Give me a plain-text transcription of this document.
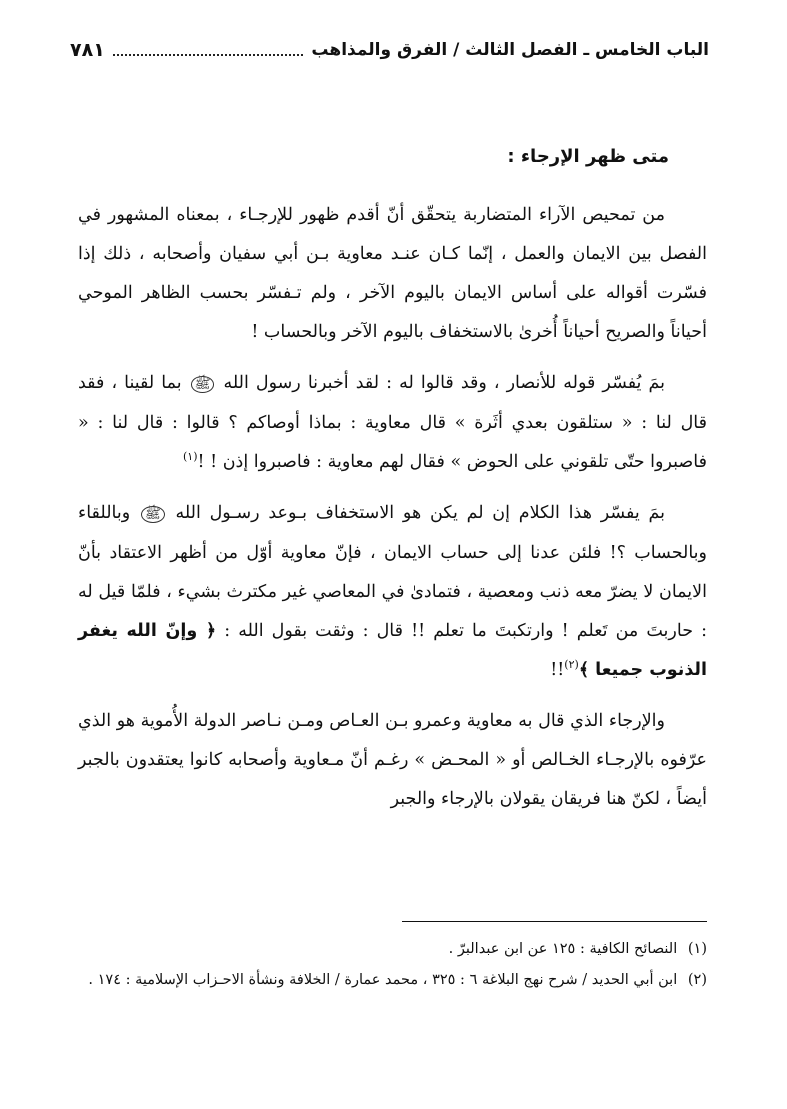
الباب الخامس ـ الفصل الثالث / الفرق والمذاهب
٧٨١
متى ظهر الإرجاء :

من تمحيص الآراء المتضاربة يتحقّق أنّ أقدم ظهور للإرجـاء ، بمعناه المشهور في الفصل بين الايمان والعمل ، إنّما كـان عنـد معاوية بـن أبي سفيان وأصحابه ، ذلك إذا فسّرت أقواله على أساس الايمان باليوم الآخر ، ولم تـفسّر بحسب الظاهر الموحي أحياناً والصريح أحياناً أُخرىٰ بالاستخفاف باليوم الآخر وبالحساب !

بمَ يُفسّر قوله للأنصار ، وقد قالوا له : لقد أخبرنا رسول الله ﷺ بما لقينا ، فقد قال لنا : « ستلقون بعدي أثَرة » قال معاوية : بماذا أوصاكم ؟ قالوا : قال لنا : « فاصبروا حتّى تلقوني على الحوض » فقال لهم معاوية : فاصبروا إذن ! !$^{(١)}$

بمَ يفسّر هذا الكلام إن لم يكن هو الاستخفاف بـوعد رسـول الله ﷺ وباللقاء وبالحساب ؟! فلئن عدنا إلى حساب الايمان ، فإنّ معاوية أوّل من أظهر الاعتقاد بأنّ الايمان لا يضرّ معه ذنب ومعصية ، فتمادىٰ في المعاصي غير مكترث بشيء ، فلمّا قيل له : حاربتَ من تَعلم ! وارتكبتَ ما تعلم !! قال : وثقت بقول الله : ﴿ وإنّ الله يغفر الذنوب جميعا ﴾$^{(٢)}$!!

والإرجاء الذي قال به معاوية وعمرو بـن العـاص ومـن نـاصر الدولة الأُموية هو الذي عرّفوه بالإرجـاء الخـالص أو « المحـض » رغـم أنّ مـعاوية وأصحابه كانوا يعتقدون بالجبر أيضاً ، لكنّ هنا فريقان يقولان بالإرجاء والجبر

(١) النصائح الكافية : ١٢٥ عن ابن عبدالبرّ .

(٢) ابن أبي الحديد / شرح نهج البلاغة ٦ : ٣٢٥ ، محمد عمارة / الخلافة ونشأة الاحـزاب الإسلامية : ١٧٤ .
